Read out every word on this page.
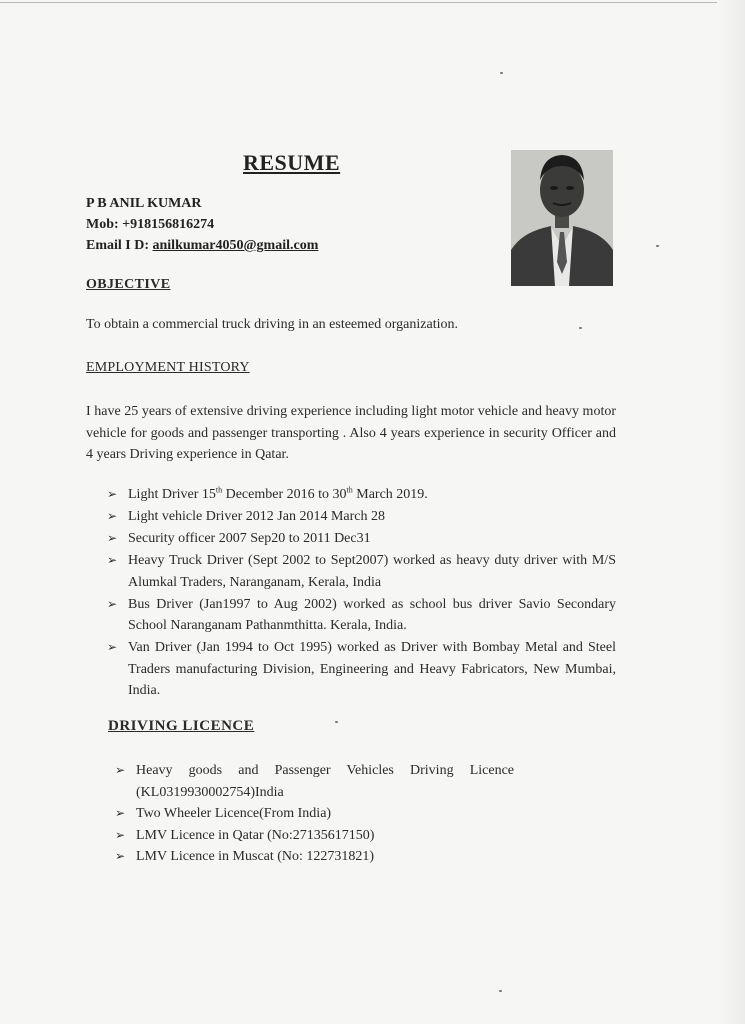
RESUME
P B ANIL KUMAR
Mob: +918156816274
Email I D: anilkumar4050@gmail.com
OBJECTIVE
To obtain a commercial truck driving in an esteemed organization.
EMPLOYMENT HISTORY
I have 25 years of extensive driving experience including light motor vehicle and heavy motor vehicle for goods and passenger transporting . Also 4 years experience in security Officer and 4 years Driving experience in Qatar.
➢ Light Driver 15th December 2016 to 30th March 2019.
➢ Light vehicle Driver 2012 Jan 2014 March 28
➢ Security officer 2007 Sep20 to 2011 Dec31
➢ Heavy Truck Driver (Sept 2002 to Sept2007) worked as heavy duty driver with M/S Alumkal Traders, Naranganam, Kerala, India
➢ Bus Driver (Jan1997 to Aug 2002) worked as school bus driver Savio Secondary School Naranganam Pathanmthitta. Kerala, India.
➢ Van Driver (Jan 1994 to Oct 1995) worked as Driver with Bombay Metal and Steel Traders manufacturing Division, Engineering and Heavy Fabricators, New Mumbai, India.
DRIVING LICENCE
➢ Heavy goods and Passenger Vehicles Driving Licence (KL0319930002754)India
➢ Two Wheeler Licence(From India)
➢ LMV Licence in Qatar (No:27135617150)
➢ LMV Licence in Muscat (No: 122731821)
